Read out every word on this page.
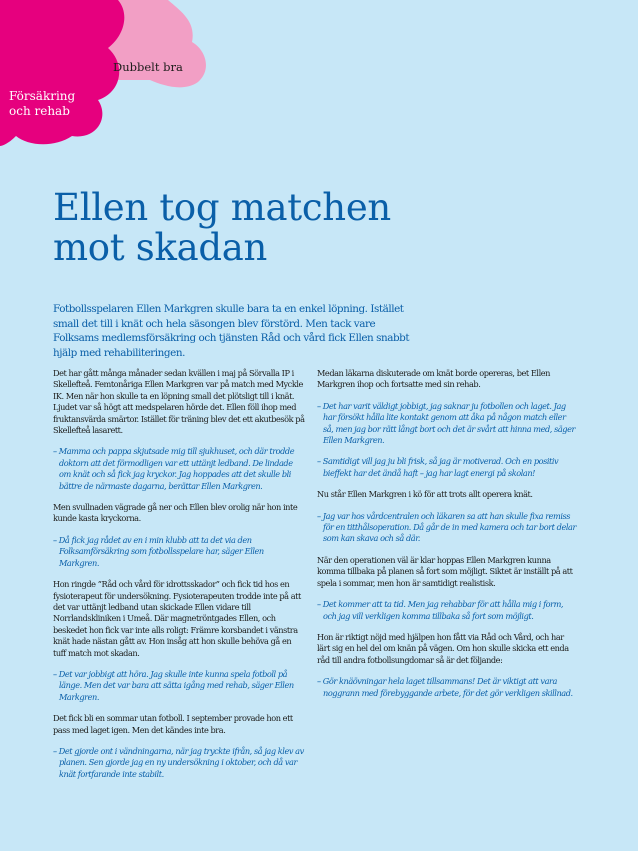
Dubbelt bra
Försäkring
och rehab
Ellen tog matchen
mot skadan

Fotbollsspelaren Ellen Markgren skulle bara ta en enkel löpning. Istället small det till i knät och hela säsongen blev förstörd. Men tack vare Folksams medlemsförsäkring och tjänsten Råd och vård fick Ellen snabbt hjälp med rehabiliteringen.

Det har gått många månader sedan kvällen i maj på Sörvalla IP i Skellefteå. Femtonåriga Ellen Markgren var på match med Myckle IK. Men när hon skulle ta en löpning small det plötsligt till i knät. Ljudet var så högt att medspelaren hörde det. Ellen föll ihop med fruktansvärda smärtor. Istället för träning blev det ett akutbesök på Skellefteå lasarett.

– Mamma och pappa skjutsade mig till sjukhuset, och där trodde doktorn att det förmodligen var ett uttänjt ledband. De lindade om knät och så fick jag kryckor. Jag hoppades att det skulle bli bättre de närmaste dagarna, berättar Ellen Markgren.

Men svullnaden vägrade gå ner och Ellen blev orolig när hon inte kunde kasta kryckorna.

– Då fick jag rådet av en i min klubb att ta det via den Folksamförsäkring som fotbollsspelare har, säger Ellen Markgren.

Hon ringde ”Råd och vård för idrottsskador” och fick tid hos en fysioterapeut för undersökning. Fysioterapeuten trodde inte på att det var uttänjt ledband utan skickade Ellen vidare till Norrlandskliniken i Umeå. Där magnetröntgades Ellen, och beskedet hon fick var inte alls roligt: Främre korsbandet i vänstra knät hade nästan gått av. Hon insåg att hon skulle behöva gå en tuff match mot skadan.

– Det var jobbigt att höra. Jag skulle inte kunna spela fotboll på länge. Men det var bara att sätta igång med rehab, säger Ellen Markgren.

Det fick bli en sommar utan fotboll. I september provade hon ett pass med laget igen. Men det kändes inte bra.

– Det gjorde ont i vändningarna, när jag tryckte ifrån, så jag klev av planen. Sen gjorde jag en ny undersökning i oktober, och då var knät fortfarande inte stabilt.

Medan läkarna diskuterade om knät borde opereras, bet Ellen Markgren ihop och fortsatte med sin rehab.

– Det har varit väldigt jobbigt, jag saknar ju fotbollen och laget. Jag har försökt hålla lite kontakt genom att åka på någon match eller så, men jag bor rätt långt bort och det är svårt att hinna med, säger Ellen Markgren.

– Samtidigt vill jag ju bli frisk, så jag är motiverad. Och en positiv bieffekt har det ändå haft – jag har lagt energi på skolan!

Nu står Ellen Markgren i kö för att trots allt operera knät.

– Jag var hos vårdcentralen och läkaren sa att han skulle fixa remiss för en titthålsoperation. Då går de in med kamera och tar bort delar som kan skava och så där.

När den operationen väl är klar hoppas Ellen Markgren kunna komma tillbaka på planen så fort som möjligt. Siktet är inställt på att spela i sommar, men hon är samtidigt realistisk.

– Det kommer att ta tid. Men jag rehabbar för att hålla mig i form, och jag vill verkligen komma tillbaka så fort som möjligt.

Hon är riktigt nöjd med hjälpen hon fått via Råd och Vård, och har lärt sig en hel del om knän på vägen. Om hon skulle skicka ett enda råd till andra fotbollsungdomar så är det följande:

– Gör knäövningar hela laget tillsammans! Det är viktigt att vara noggrann med förebyggande arbete, för det gör verkligen skillnad.
